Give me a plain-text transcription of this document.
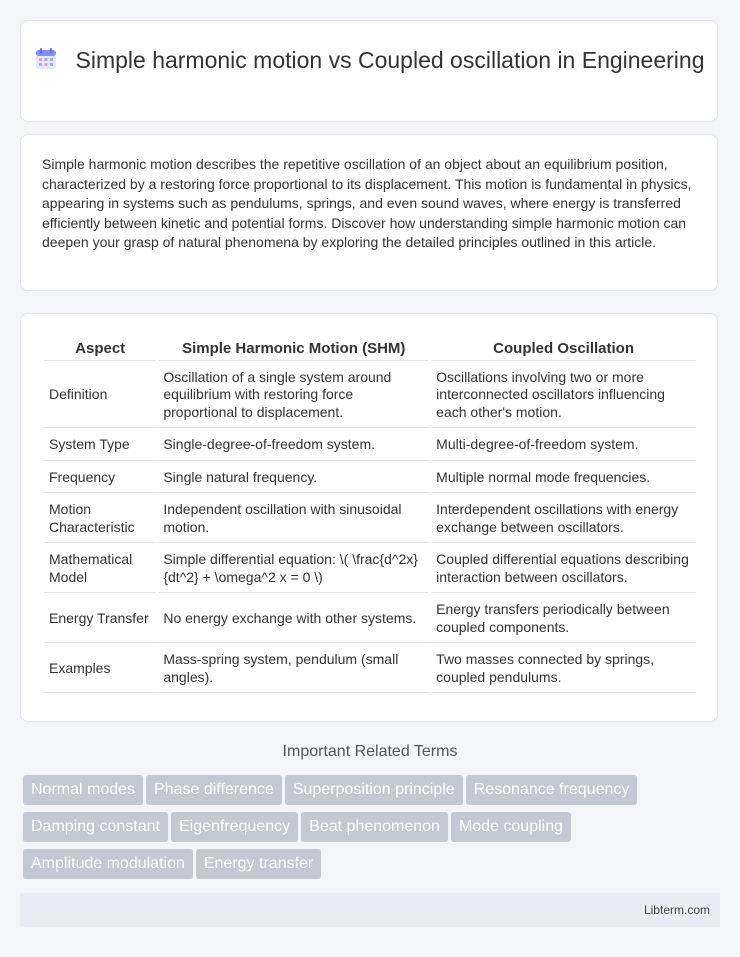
Simple harmonic motion vs Coupled oscillation in Engineering
Simple harmonic motion describes the repetitive oscillation of an object about an equilibrium position, characterized by a restoring force proportional to its displacement. This motion is fundamental in physics, appearing in systems such as pendulums, springs, and even sound waves, where energy is transferred efficiently between kinetic and potential forms. Discover how understanding simple harmonic motion can deepen your grasp of natural phenomena by exploring the detailed principles outlined in this article.
Aspect	Simple Harmonic Motion (SHM)	Coupled Oscillation
Definition	Oscillation of a single system around equilibrium with restoring force proportional to displacement.	Oscillations involving two or more interconnected oscillators influencing each other's motion.
System Type	Single-degree-of-freedom system.	Multi-degree-of-freedom system.
Frequency	Single natural frequency.	Multiple normal mode frequencies.
Motion Characteristic	Independent oscillation with sinusoidal motion.	Interdependent oscillations with energy exchange between oscillators.
Mathematical Model	Simple differential equation: \( \frac{d^2x}{dt^2} + \omega^2 x = 0 \)	Coupled differential equations describing interaction between oscillators.
Energy Transfer	No energy exchange with other systems.	Energy transfers periodically between coupled components.
Examples	Mass-spring system, pendulum (small angles).	Two masses connected by springs, coupled pendulums.
Important Related Terms
Normal modes Phase difference Superposition principle Resonance frequency
Damping constant Eigenfrequency Beat phenomenon Mode coupling
Amplitude modulation Energy transfer
Libterm.com
